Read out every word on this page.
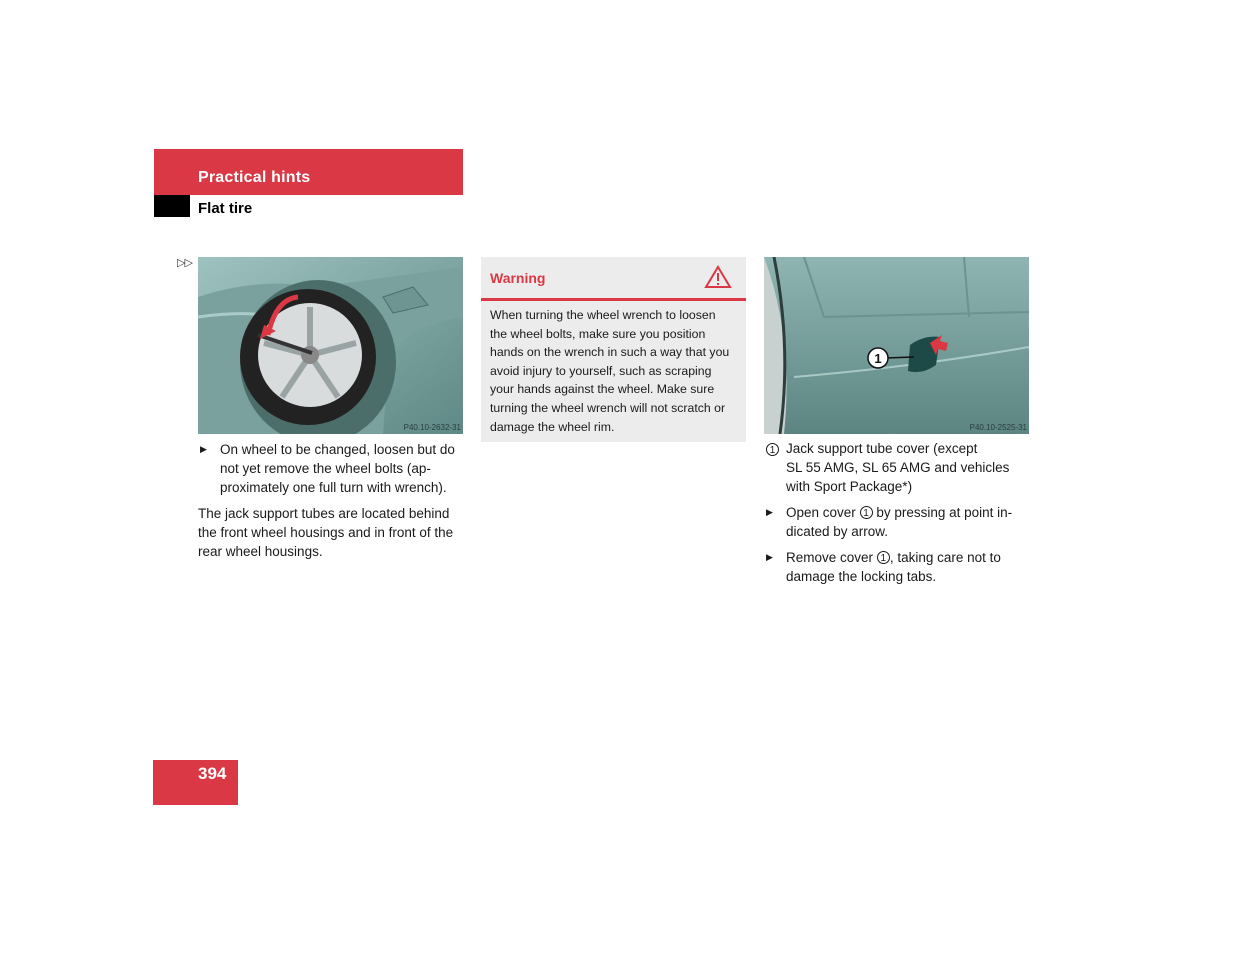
Practical hints
Flat tire
▷▷
P40.10-2632-31
▶ On wheel to be changed, loosen but do
not yet remove the wheel bolts (ap-
proximately one full turn with wrench).
The jack support tubes are located behind
the front wheel housings and in front of the
rear wheel housings.
Warning
When turning the wheel wrench to loosen
the wheel bolts, make sure you position
hands on the wrench in such a way that you
avoid injury to yourself, such as scraping
your hands against the wheel. Make sure
turning the wheel wrench will not scratch or
damage the wheel rim.
1
P40.10-2525-31
1 Jack support tube cover (except
SL 55 AMG, SL 65 AMG and vehicles
with Sport Package*)
▶ Open cover 1 by pressing at point in-
dicated by arrow.
▶ Remove cover 1 , taking care not to
damage the locking tabs.
394
